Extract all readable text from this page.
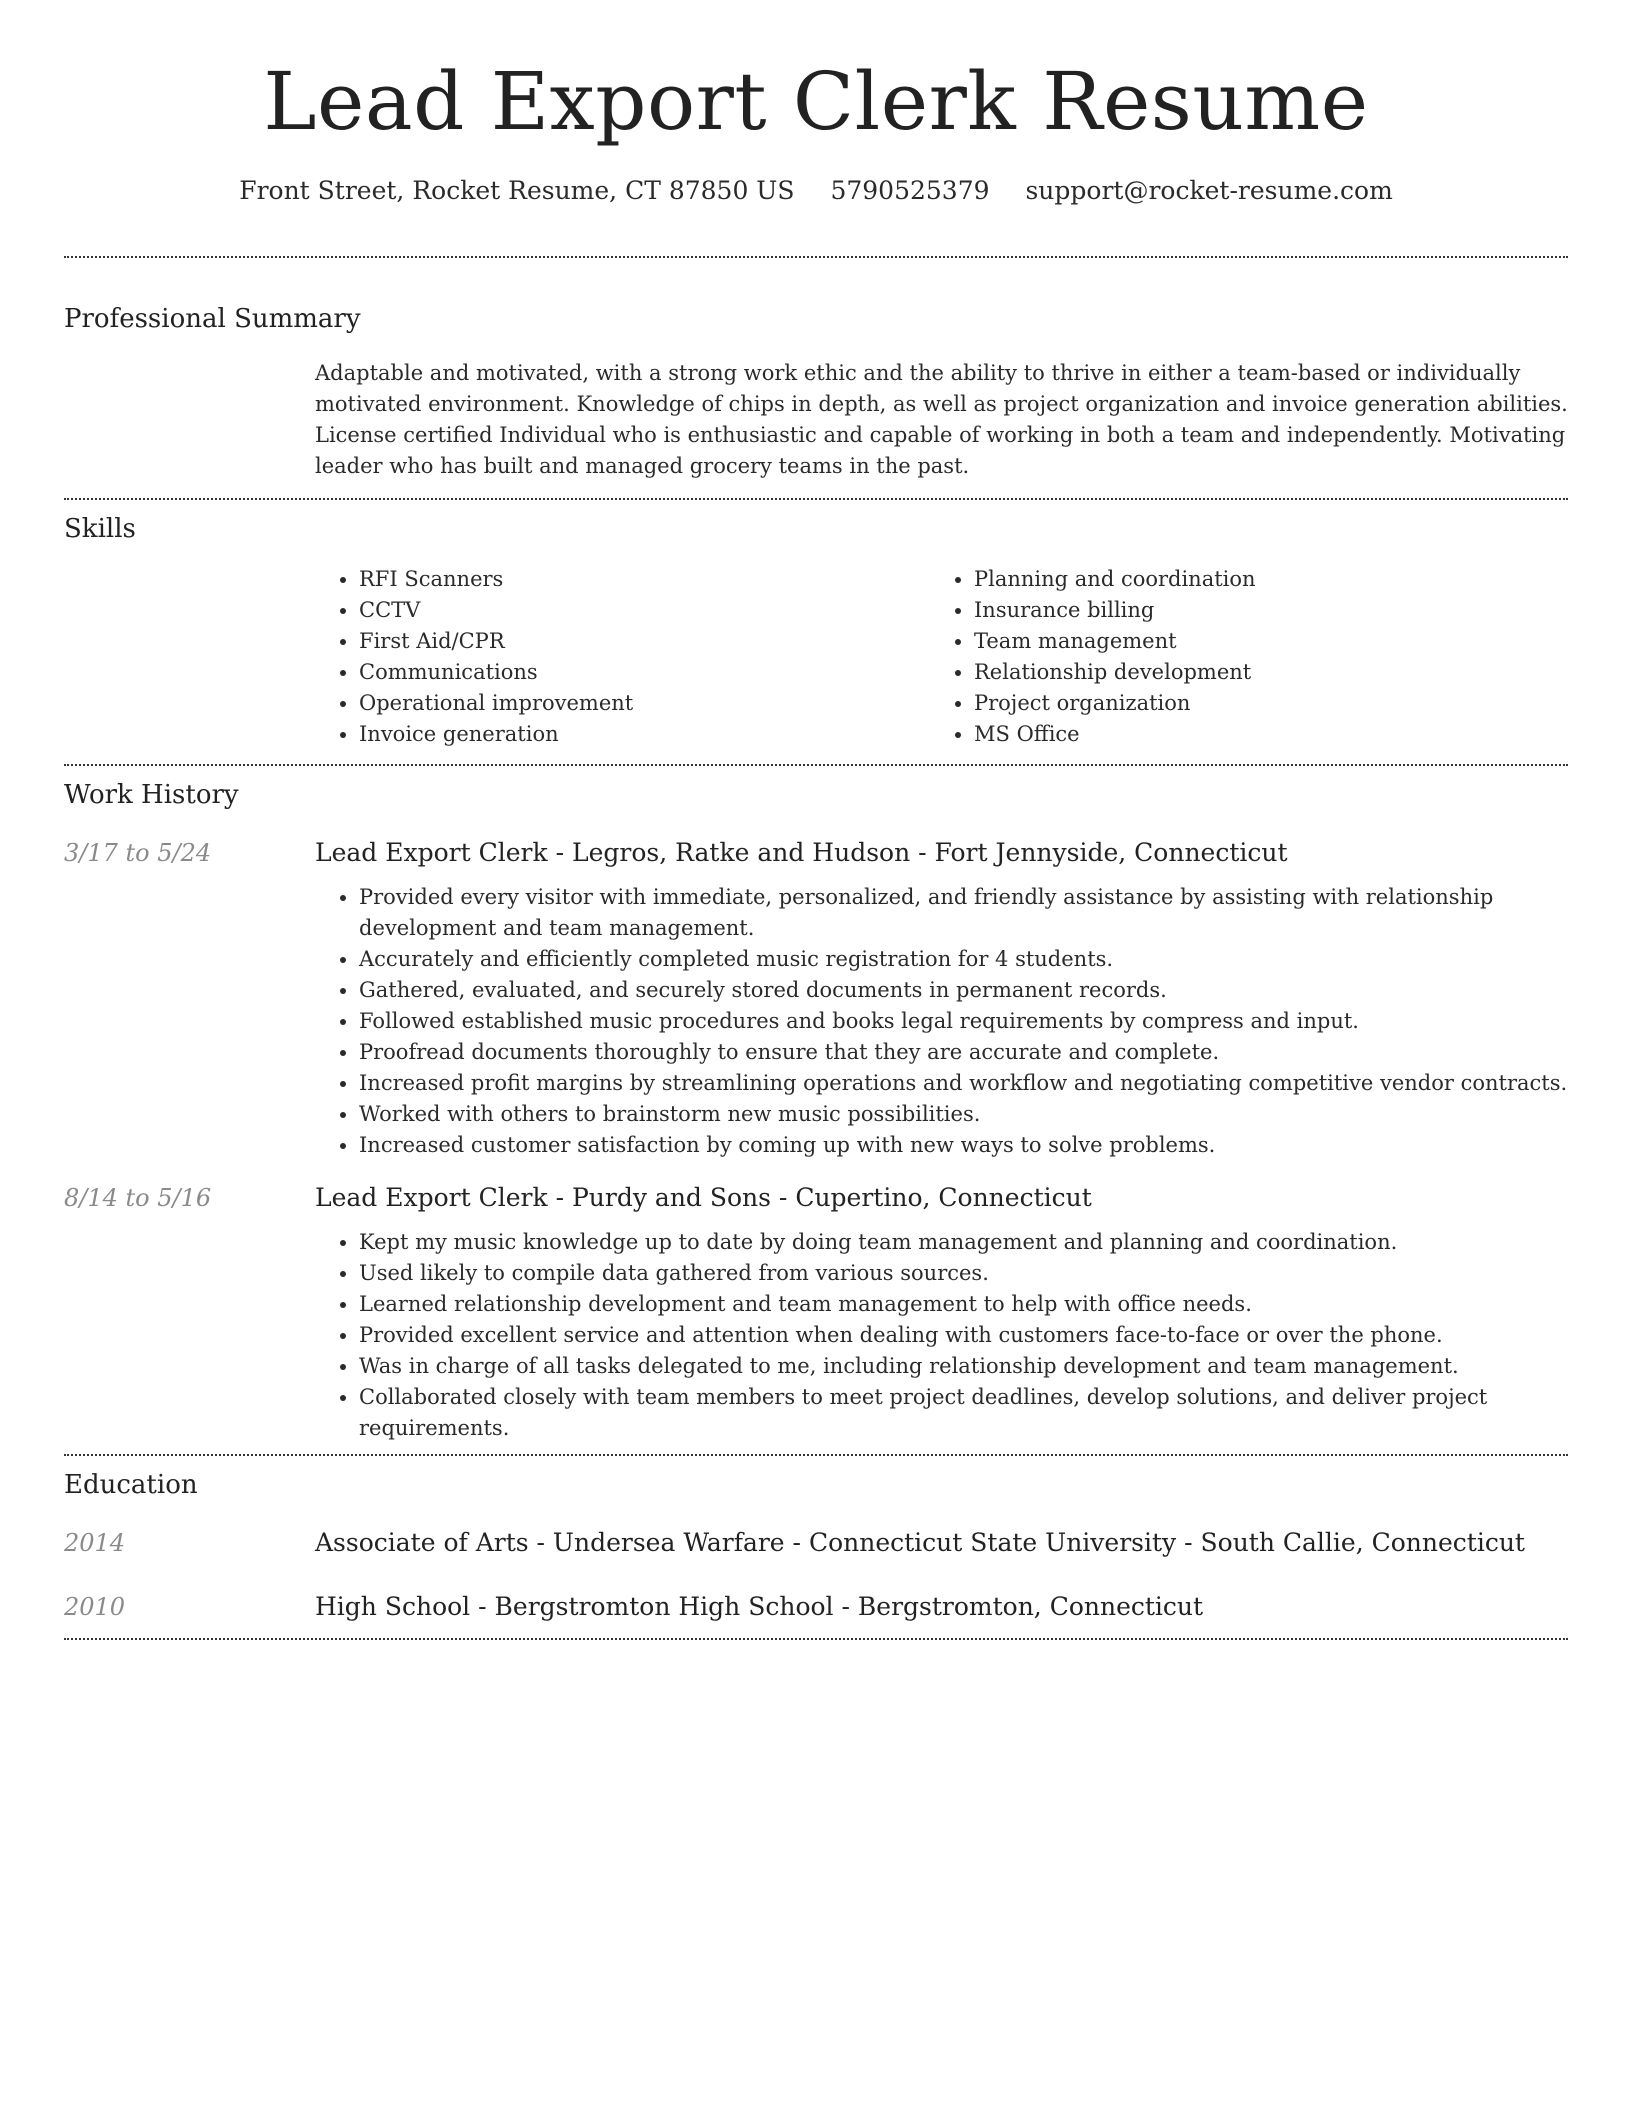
Lead Export Clerk Resume
Front Street, Rocket Resume, CT 87850 US 5790525379 support@rocket-resume.com
Professional Summary

Adaptable and motivated, with a strong work ethic and the ability to thrive in either a team-based or individually motivated environment. Knowledge of chips in depth, as well as project organization and invoice generation abilities. License certified Individual who is enthusiastic and capable of working in both a team and independently. Motivating leader who has built and managed grocery teams in the past.

Skills
• RFI Scanners
• CCTV
• First Aid/CPR
• Communications
• Operational improvement
• Invoice generation
• Planning and coordination
• Insurance billing
• Team management
• Relationship development
• Project organization
• MS Office
Work History
3/17 to 5/24	Lead Export Clerk - Legros, Ratke and Hudson - Fort Jennyside, Connecticut
• Provided every visitor with immediate, personalized, and friendly assistance by assisting with relationship development and team management.
• Accurately and efficiently completed music registration for 4 students.
• Gathered, evaluated, and securely stored documents in permanent records.
• Followed established music procedures and books legal requirements by compress and input.
• Proofread documents thoroughly to ensure that they are accurate and complete.
• Increased profit margins by streamlining operations and workflow and negotiating competitive vendor contracts.
• Worked with others to brainstorm new music possibilities.
• Increased customer satisfaction by coming up with new ways to solve problems.
8/14 to 5/16	Lead Export Clerk - Purdy and Sons - Cupertino, Connecticut
• Kept my music knowledge up to date by doing team management and planning and coordination.
• Used likely to compile data gathered from various sources.
• Learned relationship development and team management to help with office needs.
• Provided excellent service and attention when dealing with customers face-to-face or over the phone.
• Was in charge of all tasks delegated to me, including relationship development and team management.
• Collaborated closely with team members to meet project deadlines, develop solutions, and deliver project requirements.
Education
2014	Associate of Arts - Undersea Warfare - Connecticut State University - South Callie, Connecticut
2010	High School - Bergstromton High School - Bergstromton, Connecticut
